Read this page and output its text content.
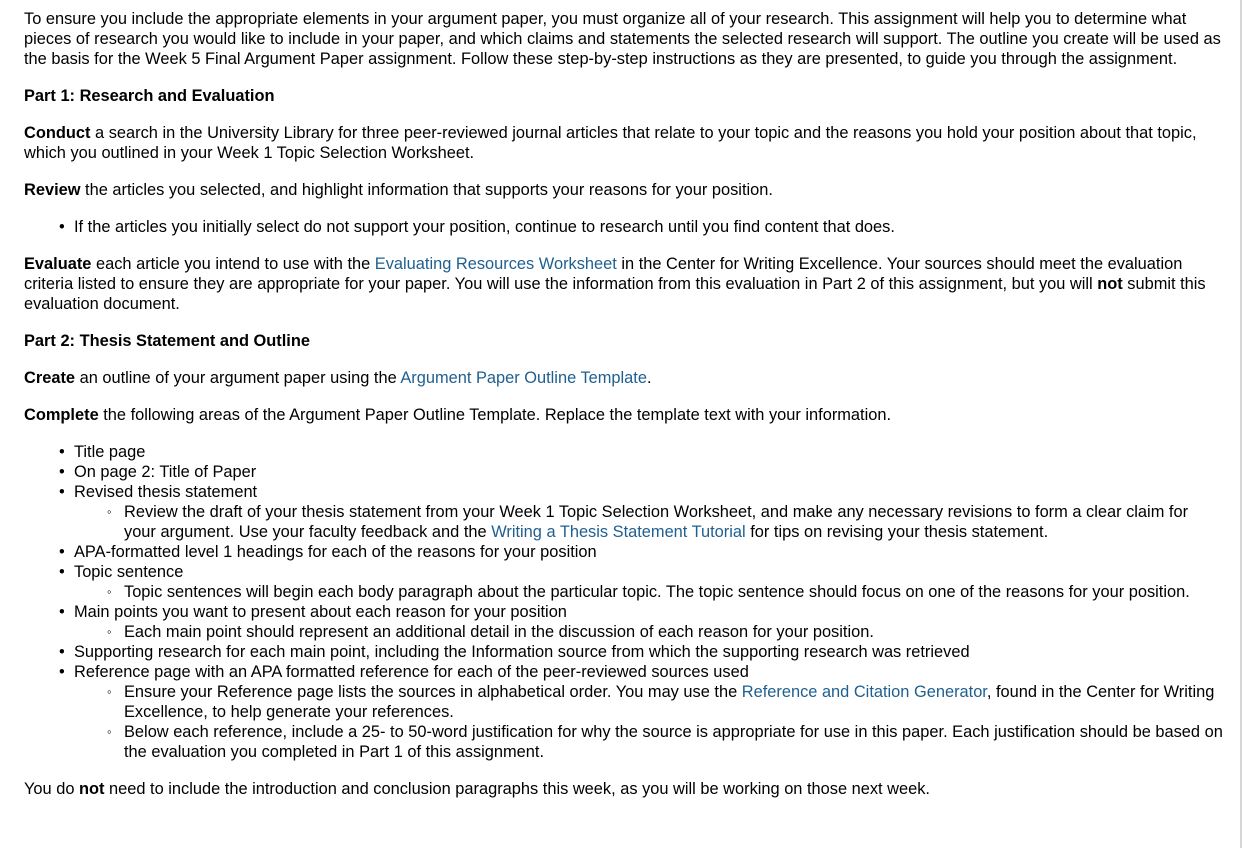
To ensure you include the appropriate elements in your argument paper, you must organize all of your research. This assignment will help you to determine what pieces of research you would like to include in your paper, and which claims and statements the selected research will support. The outline you create will be used as the basis for the Week 5 Final Argument Paper assignment. Follow these step-by-step instructions as they are presented, to guide you through the assignment.

Part 1: Research and Evaluation

Conduct a search in the University Library for three peer-reviewed journal articles that relate to your topic and the reasons you hold your position about that topic, which you outlined in your Week 1 Topic Selection Worksheet.

Review the articles you selected, and highlight information that supports your reasons for your position.

• If the articles you initially select do not support your position, continue to research until you find content that does.

Evaluate each article you intend to use with the Evaluating Resources Worksheet in the Center for Writing Excellence. Your sources should meet the evaluation criteria listed to ensure they are appropriate for your paper. You will use the information from this evaluation in Part 2 of this assignment, but you will not submit this evaluation document.

Part 2: Thesis Statement and Outline

Create an outline of your argument paper using the Argument Paper Outline Template.

Complete the following areas of the Argument Paper Outline Template. Replace the template text with your information.

• Title page
• On page 2: Title of Paper
• Revised thesis statement
◦ Review the draft of your thesis statement from your Week 1 Topic Selection Worksheet, and make any necessary revisions to form a clear claim for your argument. Use your faculty feedback and the Writing a Thesis Statement Tutorial for tips on revising your thesis statement.
• APA-formatted level 1 headings for each of the reasons for your position
• Topic sentence
◦ Topic sentences will begin each body paragraph about the particular topic. The topic sentence should focus on one of the reasons for your position.
• Main points you want to present about each reason for your position
◦ Each main point should represent an additional detail in the discussion of each reason for your position.
• Supporting research for each main point, including the Information source from which the supporting research was retrieved
• Reference page with an APA formatted reference for each of the peer-reviewed sources used
◦ Ensure your Reference page lists the sources in alphabetical order. You may use the Reference and Citation Generator, found in the Center for Writing Excellence, to help generate your references.
◦ Below each reference, include a 25- to 50-word justification for why the source is appropriate for use in this paper. Each justification should be based on the evaluation you completed in Part 1 of this assignment.

You do not need to include the introduction and conclusion paragraphs this week, as you will be working on those next week.
